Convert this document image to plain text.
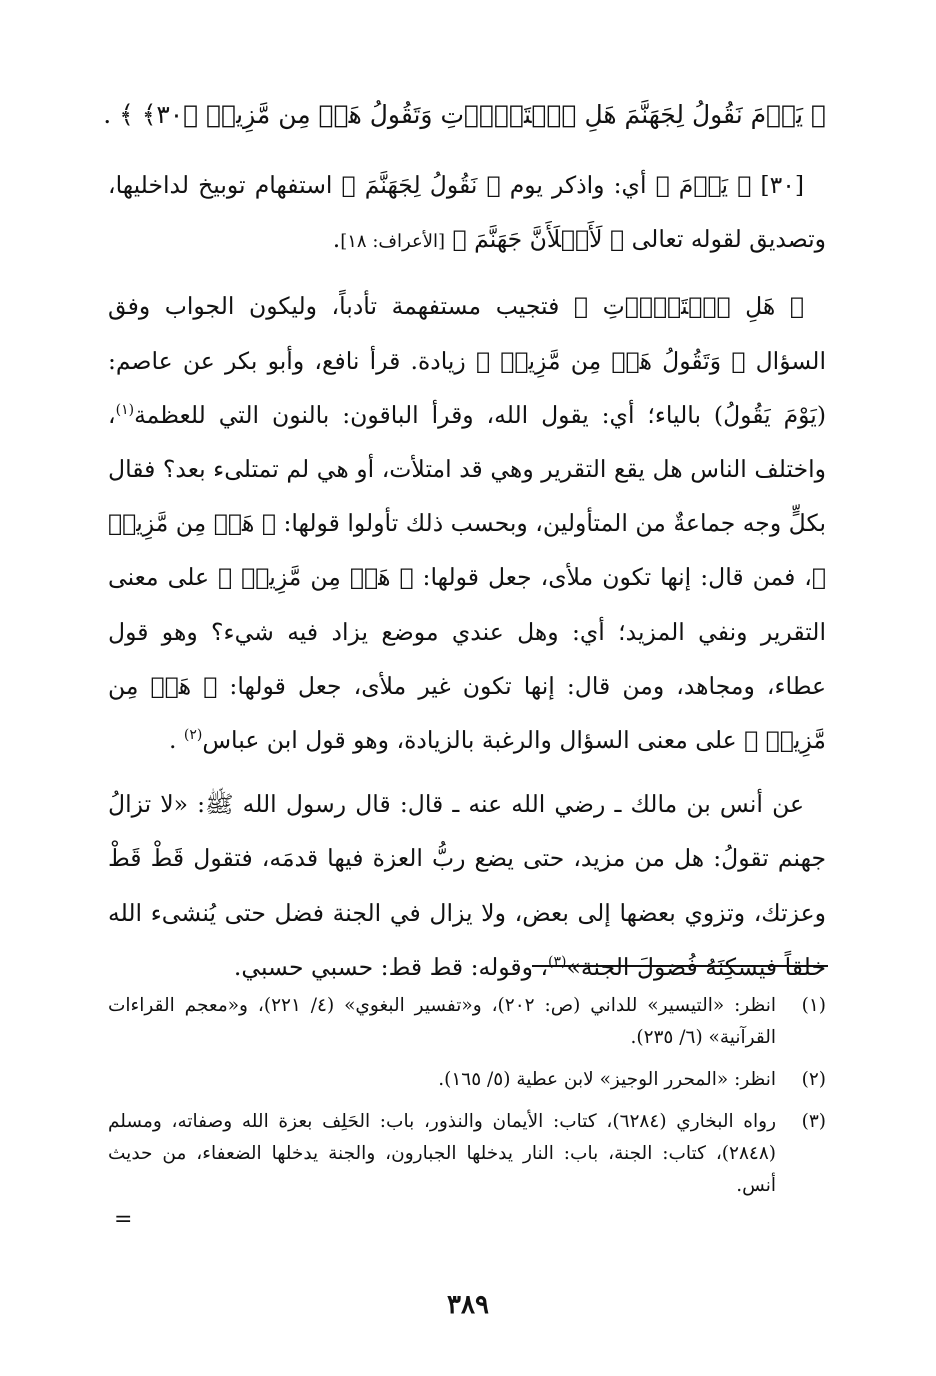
﴿ يَوۡمَ نَقُولُ لِجَهَنَّمَ هَلِ ٱمۡتَلَأۡتِ وَتَقُولُ هَلۡ مِن مَّزِيدٖ ﴿٣٠﴾ ﴾ .

[٣٠] ﴿ يَوۡمَ ﴾ أي: واذكر يوم ﴿ نَقُولُ لِجَهَنَّمَ ﴾ استفهام توبيخ لداخليها، وتصديق لقوله تعالى ﴿ لَأَمۡلَأَنَّ جَهَنَّمَ ﴾ [الأعراف: ١٨].

﴿ هَلِ ٱمۡتَلَأۡتِ ﴾ فتجيب مستفهمة تأدباً، وليكون الجواب وفق السؤال ﴿ وَتَقُولُ هَلۡ مِن مَّزِيدٖ ﴾ زيادة. قرأ نافع، وأبو بكر عن عاصم: (يَوْمَ يَقُولُ) بالياء؛ أي: يقول الله، وقرأ الباقون: بالنون التي للعظمة$^{(١)}$، واختلف الناس هل يقع التقرير وهي قد امتلأت، أو هي لم تمتلىء بعد؟ فقال بكلٍّ وجه جماعةٌ من المتأولين، وبحسب ذلك تأولوا قولها: ﴿ هَلۡ مِن مَّزِيدٖ ﴾، فمن قال: إنها تكون ملأى، جعل قولها: ﴿ هَلۡ مِن مَّزِيدٖ ﴾ على معنى التقرير ونفي المزيد؛ أي: وهل عندي موضع يزاد فيه شيء؟ وهو قول عطاء، ومجاهد، ومن قال: إنها تكون غير ملأى، جعل قولها: ﴿ هَلۡ مِن مَّزِيدٖ ﴾ على معنى السؤال والرغبة بالزيادة، وهو قول ابن عباس$^{(٢)}$ .

عن أنس بن مالك ـ رضي الله عنه ـ قال: قال رسول الله ﷺ: «لا تزالُ جهنم تقولُ: هل من مزيد، حتى يضع ربُّ العزة فيها قدمَه، فتقول قَطْ قَطْ وعزتك، وتزوي بعضها إلى بعض، ولا يزال في الجنة فضل حتى يُنشىء الله خلقاً فيسكِنَهُ فُضولَ الجنة»$^{(٣)}$، وقوله: قط قط: حسبي حسبي.

(١)
انظر: «التيسير» للداني (ص: ٢٠٢)، و«تفسير البغوي» (٤/ ٢٢١)، و«معجم القراءات القرآنية» (٦/ ٢٣٥).
(٢)
انظر: «المحرر الوجيز» لابن عطية (٥/ ١٦٥).
(٣)
رواه البخاري (٦٢٨٤)، كتاب: الأيمان والنذور، باب: الحَلِف بعزة الله وصفاته، ومسلم (٢٨٤٨)، كتاب: الجنة، باب: النار يدخلها الجبارون، والجنة يدخلها الضعفاء، من حديث أنس.
=
٣٨٩
